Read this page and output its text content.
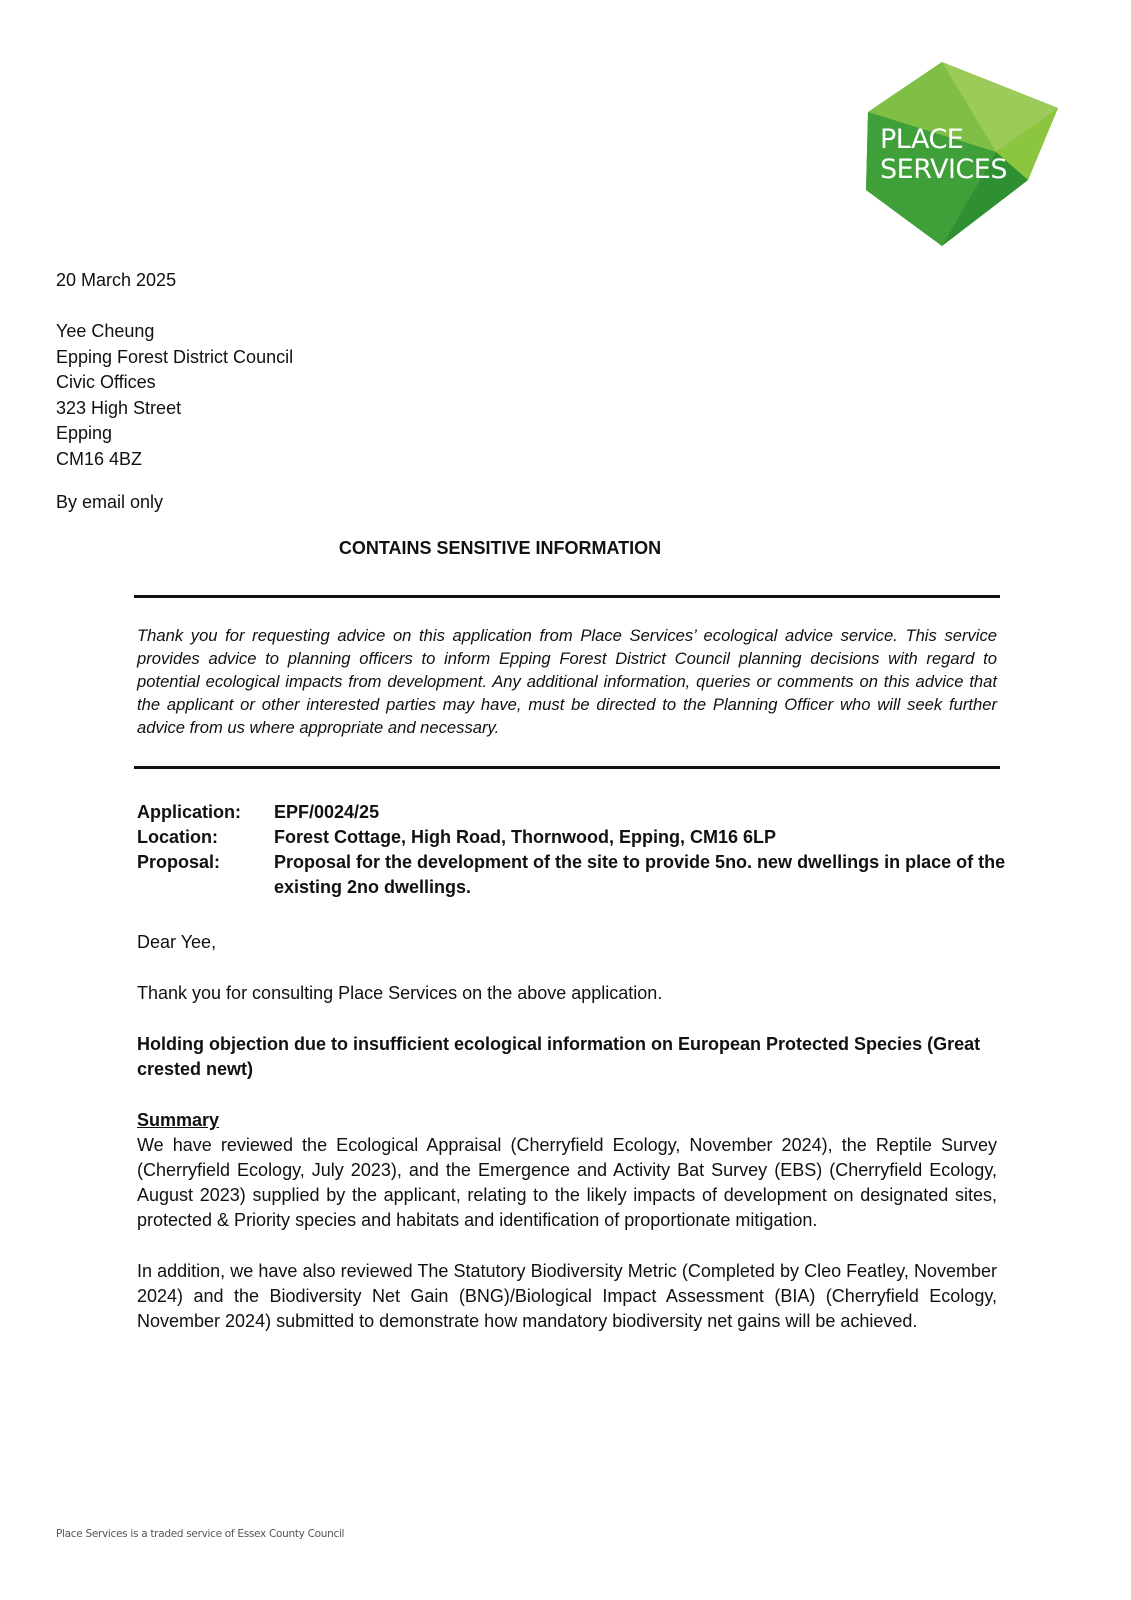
PLACE
SERVICES
20 March 2025
Yee Cheung
Epping Forest District Council
Civic Offices
323 High Street
Epping
CM16 4BZ
By email only
CONTAINS SENSITIVE INFORMATION
Thank you for requesting advice on this application from Place Services’ ecological advice service. This service provides advice to planning officers to inform Epping Forest District Council planning decisions with regard to potential ecological impacts from development. Any additional information, queries or comments on this advice that the applicant or other interested parties may have, must be directed to the Planning Officer who will seek further advice from us where appropriate and necessary.
Application:	EPF/0024/25
Location:	Forest Cottage, High Road, Thornwood, Epping, CM16 6LP
Proposal:	Proposal for the development of the site to provide 5no. new dwellings in place of the existing 2no dwellings.
Dear Yee,
Thank you for consulting Place Services on the above application.
Holding objection due to insufficient ecological information on European Protected Species (Great crested newt)
Summary
We have reviewed the Ecological Appraisal (Cherryfield Ecology, November 2024), the Reptile Survey (Cherryfield Ecology, July 2023), and the Emergence and Activity Bat Survey (EBS) (Cherryfield Ecology, August 2023) supplied by the applicant, relating to the likely impacts of development on designated sites, protected & Priority species and habitats and identification of proportionate mitigation.
In addition, we have also reviewed The Statutory Biodiversity Metric (Completed by Cleo Featley, November 2024) and the Biodiversity Net Gain (BNG)/Biological Impact Assessment (BIA) (Cherryfield Ecology, November 2024) submitted to demonstrate how mandatory biodiversity net gains will be achieved.
Place Services is a traded service of Essex County Council
